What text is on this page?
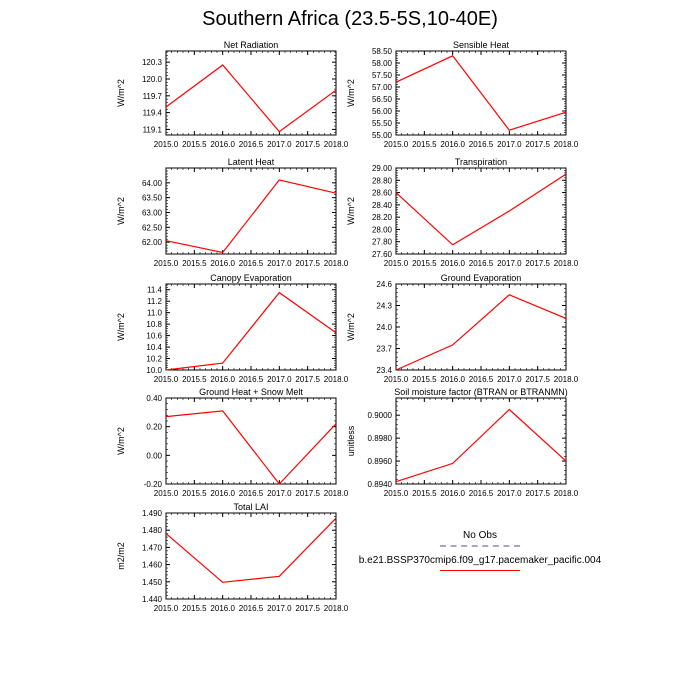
Southern Africa (23.5-5S,10-40E)
Net Radiation
W/m^2
2015.0 2015.5 2016.0 2016.5 2017.0 2017.5 2018.0
119.1
119.4
119.7
120.0
120.3
Sensible Heat
W/m^2
2015.0 2015.5 2016.0 2016.5 2017.0 2017.5 2018.0
55.00
55.50
56.00
56.50
57.00
57.50
58.00
58.50
Latent Heat
W/m^2
2015.0 2015.5 2016.0 2016.5 2017.0 2017.5 2018.0
62.00
62.50
63.00
63.50
64.00
Transpiration
W/m^2
2015.0 2015.5 2016.0 2016.5 2017.0 2017.5 2018.0
27.60
27.80
28.00
28.20
28.40
28.60
28.80
29.00
Canopy Evaporation
W/m^2
2015.0 2015.5 2016.0 2016.5 2017.0 2017.5 2018.0
10.0
10.2
10.4
10.6
10.8
11.0
11.2
11.4
Ground Evaporation
W/m^2
2015.0 2015.5 2016.0 2016.5 2017.0 2017.5 2018.0
23.4
23.7
24.0
24.3
24.6
Ground Heat + Snow Melt
W/m^2
2015.0 2015.5 2016.0 2016.5 2017.0 2017.5 2018.0
-0.20
0.00
0.20
0.40
Soil moisture factor (BTRAN or BTRANMN)
unitless
2015.0 2015.5 2016.0 2016.5 2017.0 2017.5 2018.0
0.8940
0.8960
0.8980
0.9000
Total LAI
m2/m2
2015.0 2015.5 2016.0 2016.5 2017.0 2017.5 2018.0
1.440
1.450
1.460
1.470
1.480
1.490
No Obs
b.e21.BSSP370cmip6.f09_g17.pacemaker_pacific.004
